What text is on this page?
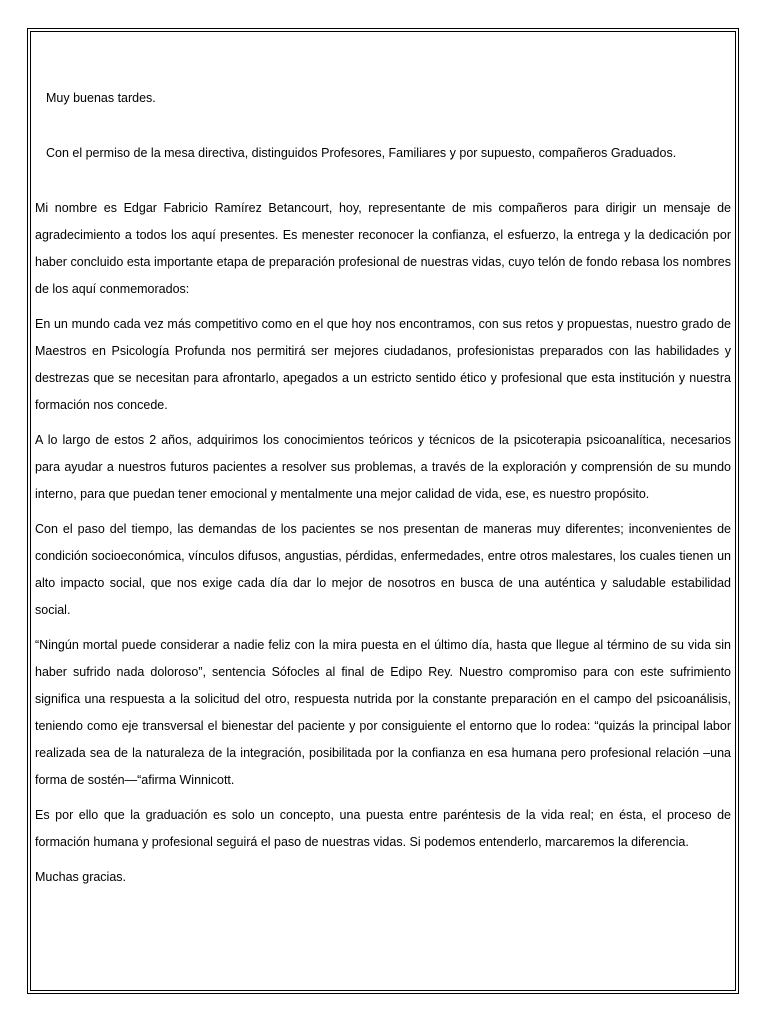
Muy buenas tardes.

Con el permiso de la mesa directiva, distinguidos Profesores, Familiares y por supuesto, compañeros Graduados.

Mi nombre es Edgar Fabricio Ramírez Betancourt, hoy, representante de mis compañeros para dirigir un mensaje de agradecimiento a todos los aquí presentes. Es menester reconocer la confianza, el esfuerzo, la entrega y la dedicación por haber concluido esta importante etapa de preparación profesional de nuestras vidas, cuyo telón de fondo rebasa los nombres de los aquí conmemorados:

En un mundo cada vez más competitivo como en el que hoy nos encontramos, con sus retos y propuestas, nuestro grado de Maestros en Psicología Profunda nos permitirá ser mejores ciudadanos, profesionistas preparados con las habilidades y destrezas que se necesitan para afrontarlo, apegados a un estricto sentido ético y profesional que esta institución y nuestra formación nos concede.

A lo largo de estos 2 años, adquirimos los conocimientos teóricos y técnicos de la psicoterapia psicoanalítica, necesarios para ayudar a nuestros futuros pacientes a resolver sus problemas, a través de la exploración y comprensión de su mundo interno, para que puedan tener emocional y mentalmente una mejor calidad de vida, ese, es nuestro propósito.

Con el paso del tiempo, las demandas de los pacientes se nos presentan de maneras muy diferentes; inconvenientes de condición socioeconómica, vínculos difusos, angustias, pérdidas, enfermedades, entre otros malestares, los cuales tienen un alto impacto social, que nos exige cada día dar lo mejor de nosotros en busca de una auténtica y saludable estabilidad social.

“Ningún mortal puede considerar a nadie feliz con la mira puesta en el último día, hasta que llegue al término de su vida sin haber sufrido nada doloroso”, sentencia Sófocles al final de Edipo Rey. Nuestro compromiso para con este sufrimiento significa una respuesta a la solicitud del otro, respuesta nutrida por la constante preparación en el campo del psicoanálisis, teniendo como eje transversal el bienestar del paciente y por consiguiente el entorno que lo rodea: “quizás la principal labor realizada sea de la naturaleza de la integración, posibilitada por la confianza en esa humana pero profesional relación –una forma de sostén—“afirma Winnicott.

Es por ello que la graduación es solo un concepto, una puesta entre paréntesis de la vida real; en ésta, el proceso de formación humana y profesional seguirá el paso de nuestras vidas. Si podemos entenderlo, marcaremos la diferencia.

Muchas gracias.
